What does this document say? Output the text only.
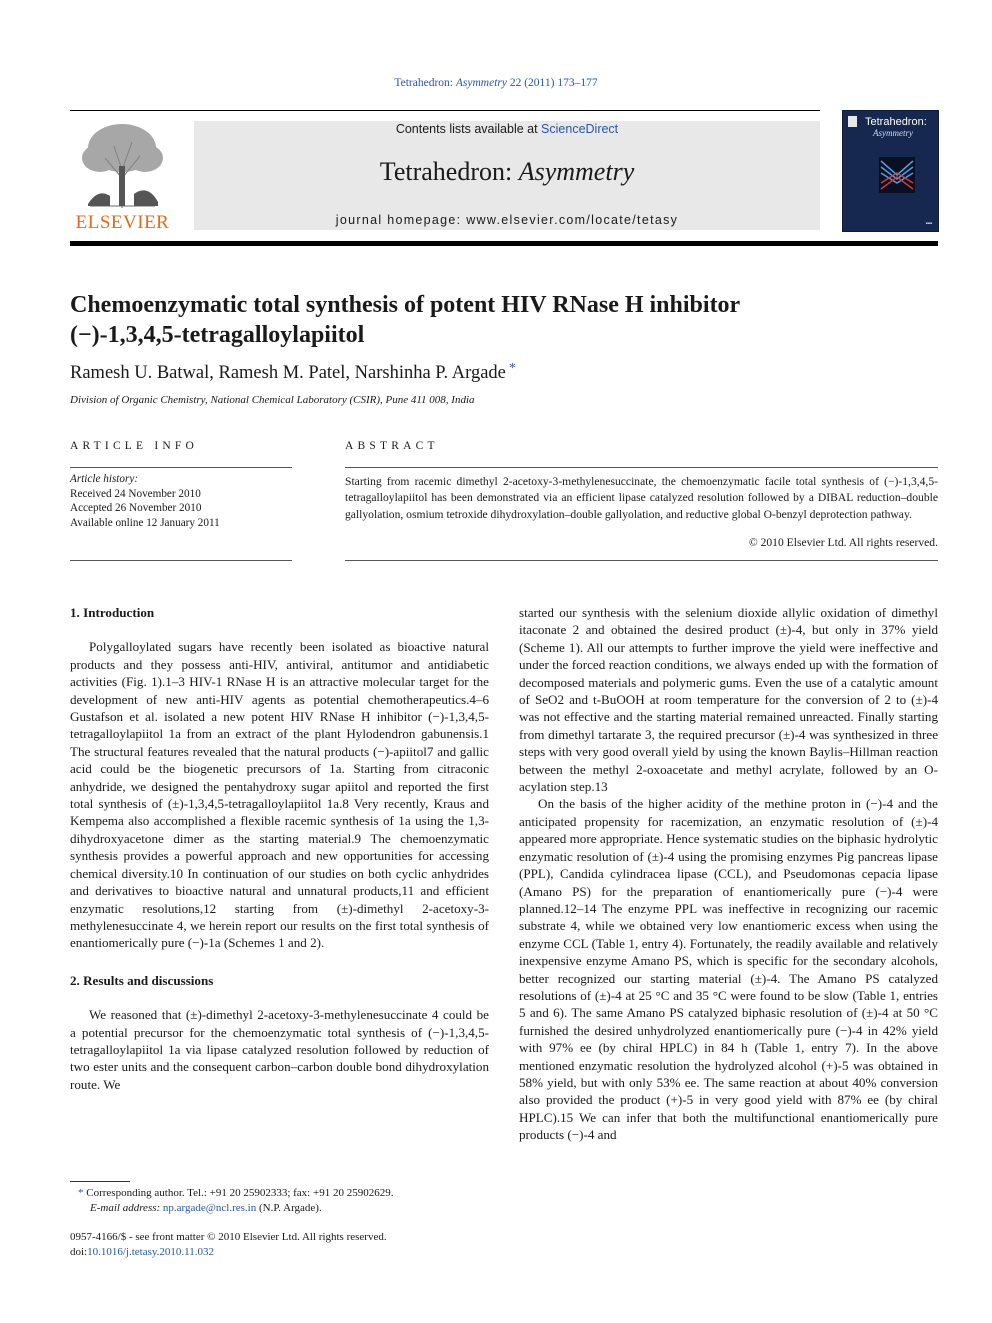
Tetrahedron: Asymmetry 22 (2011) 173–177
ELSEVIER
Contents lists available at ScienceDirect
Tetrahedron: Asymmetry
journal homepage: www.elsevier.com/locate/tetasy
Tetrahedron:
Asymmetry
▪▪▪
Chemoenzymatic total synthesis of potent HIV RNase H inhibitor
(−)-1,3,4,5-tetragalloylapiitol
Ramesh U. Batwal, Ramesh M. Patel, Narshinha P. Argade *
Division of Organic Chemistry, National Chemical Laboratory (CSIR), Pune 411 008, India
ARTICLE INFO
Article history:
Received 24 November 2010
Accepted 26 November 2010
Available online 12 January 2011
ABSTRACT
Starting from racemic dimethyl 2-acetoxy-3-methylenesuccinate, the chemoenzymatic facile total synthesis of (−)-1,3,4,5-tetragalloylapiitol has been demonstrated via an efficient lipase catalyzed resolution followed by a DIBAL reduction–double gallyolation, osmium tetroxide dihydroxylation–double gallyolation, and reductive global O-benzyl deprotection pathway.
© 2010 Elsevier Ltd. All rights reserved.
1. Introduction

Polygalloylated sugars have recently been isolated as bioactive natural products and they possess anti-HIV, antiviral, antitumor and antidiabetic activities (Fig. 1).1–3 HIV-1 RNase H is an attractive molecular target for the development of new anti-HIV agents as potential chemotherapeutics.4–6 Gustafson et al. isolated a new potent HIV RNase H inhibitor (−)-1,3,4,5-tetragalloylapiitol 1a from an extract of the plant Hylodendron gabunensis.1 The structural features revealed that the natural products (−)-apiitol7 and gallic acid could be the biogenetic precursors of 1a. Starting from citraconic anhydride, we designed the pentahydroxy sugar apiitol and reported the first total synthesis of (±)-1,3,4,5-tetragalloylapiitol 1a.8 Very recently, Kraus and Kempema also accomplished a flexible racemic synthesis of 1a using the 1,3-dihydroxyacetone dimer as the starting material.9 The chemoenzymatic synthesis provides a powerful approach and new opportunities for accessing chemical diversity.10 In continuation of our studies on both cyclic anhydrides and derivatives to bioactive natural and unnatural products,11 and efficient enzymatic resolutions,12 starting from (±)-dimethyl 2-acetoxy-3-methylenesuccinate 4, we herein report our results on the first total synthesis of enantiomerically pure (−)-1a (Schemes 1 and 2).

2. Results and discussions

We reasoned that (±)-dimethyl 2-acetoxy-3-methylenesuccinate 4 could be a potential precursor for the chemoenzymatic total synthesis of (−)-1,3,4,5-tetragalloylapiitol 1a via lipase catalyzed resolution followed by reduction of two ester units and the consequent carbon–carbon double bond dihydroxylation route. We

started our synthesis with the selenium dioxide allylic oxidation of dimethyl itaconate 2 and obtained the desired product (±)-4, but only in 37% yield (Scheme 1). All our attempts to further improve the yield were ineffective and under the forced reaction conditions, we always ended up with the formation of decomposed materials and polymeric gums. Even the use of a catalytic amount of SeO2 and t-BuOOH at room temperature for the conversion of 2 to (±)-4 was not effective and the starting material remained unreacted. Finally starting from dimethyl tartarate 3, the required precursor (±)-4 was synthesized in three steps with very good overall yield by using the known Baylis–Hillman reaction between the methyl 2-oxoacetate and methyl acrylate, followed by an O-acylation step.13

On the basis of the higher acidity of the methine proton in (−)-4 and the anticipated propensity for racemization, an enzymatic resolution of (±)-4 appeared more appropriate. Hence systematic studies on the biphasic hydrolytic enzymatic resolution of (±)-4 using the promising enzymes Pig pancreas lipase (PPL), Candida cylindracea lipase (CCL), and Pseudomonas cepacia lipase (Amano PS) for the preparation of enantiomerically pure (−)-4 were planned.12–14 The enzyme PPL was ineffective in recognizing our racemic substrate 4, while we obtained very low enantiomeric excess when using the enzyme CCL (Table 1, entry 4). Fortunately, the readily available and relatively inexpensive enzyme Amano PS, which is specific for the secondary alcohols, better recognized our starting material (±)-4. The Amano PS catalyzed resolutions of (±)-4 at 25 °C and 35 °C were found to be slow (Table 1, entries 5 and 6). The same Amano PS catalyzed biphasic resolution of (±)-4 at 50 °C furnished the desired unhydrolyzed enantiomerically pure (−)-4 in 42% yield with 97% ee (by chiral HPLC) in 84 h (Table 1, entry 7). In the above mentioned enzymatic resolution the hydrolyzed alcohol (+)-5 was obtained in 58% yield, but with only 53% ee. The same reaction at about 40% conversion also provided the product (+)-5 in very good yield with 87% ee (by chiral HPLC).15 We can infer that both the multifunctional enantiomerically pure products (−)-4 and

* Corresponding author. Tel.: +91 20 25902333; fax: +91 20 25902629.
E-mail address: np.argade@ncl.res.in (N.P. Argade).
0957-4166/$ - see front matter © 2010 Elsevier Ltd. All rights reserved.
doi:10.1016/j.tetasy.2010.11.032
